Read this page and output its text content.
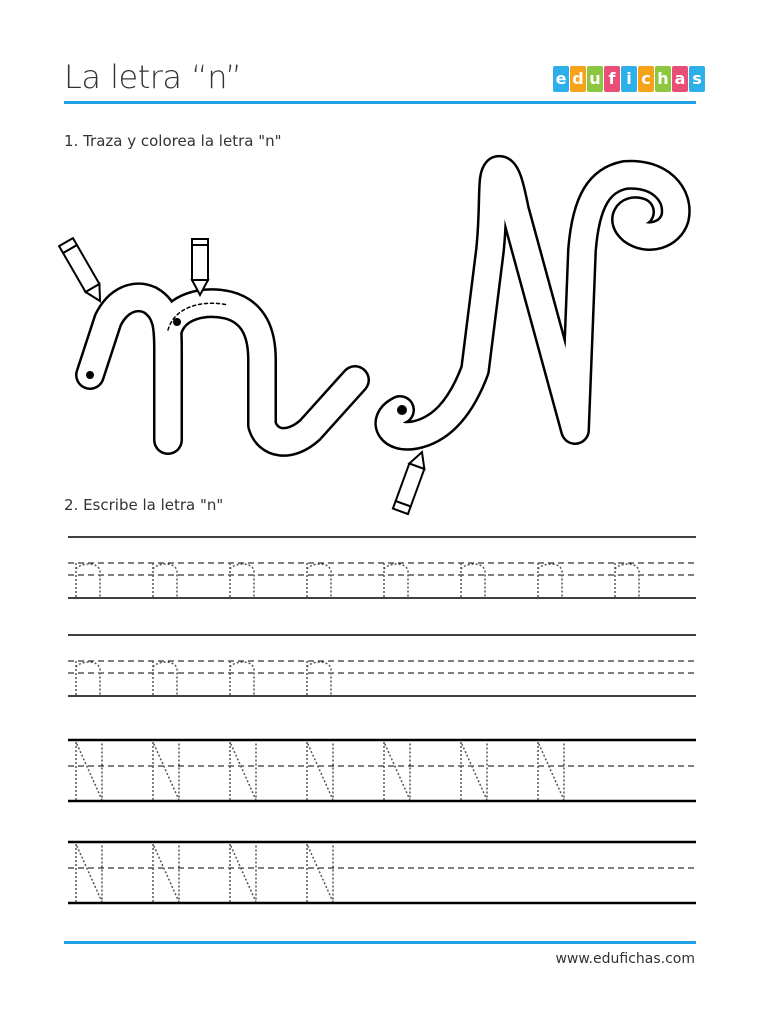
La letra “n”	e d u f i c h a s
1. Traza y colorea la letra "n"
2. Escribe la letra "n"
www.edufichas.com
